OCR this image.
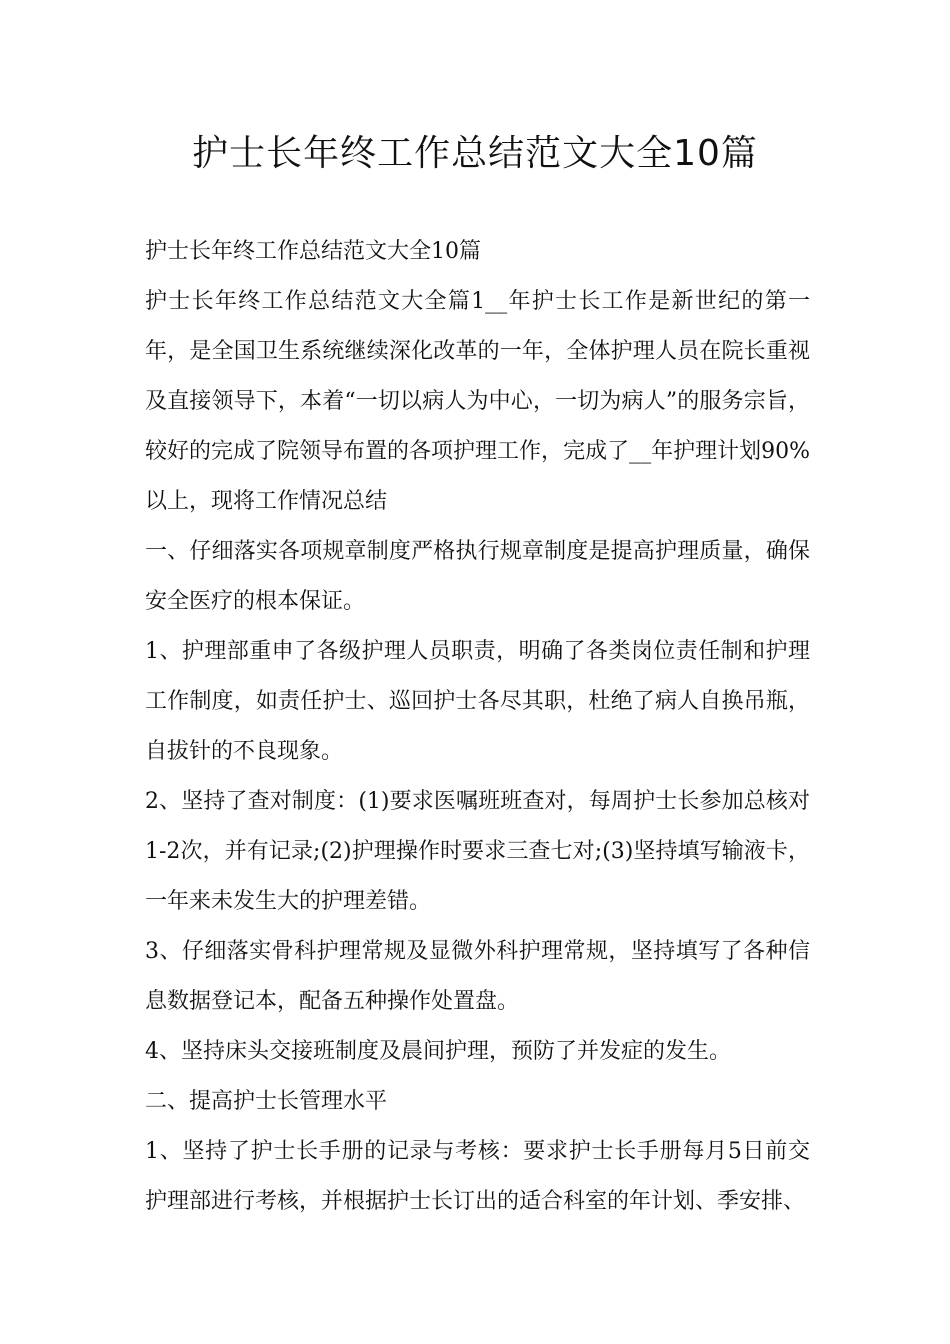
护士长年终工作总结范文大全10篇

护士长年终工作总结范文大全10篇

护士长年终工作总结范文大全篇1__年护士长工作是新世纪的第一年，是全国卫生系统继续深化改革的一年，全体护理人员在院长重视及直接领导下，本着“一切以病人为中心，一切为病人”的服务宗旨，较好的完成了院领导布置的各项护理工作，完成了__年护理计划90%以上，现将工作情况总结

一、仔细落实各项规章制度严格执行规章制度是提高护理质量，确保安全医疗的根本保证。

1、护理部重申了各级护理人员职责，明确了各类岗位责任制和护理工作制度，如责任护士、巡回护士各尽其职，杜绝了病人自换吊瓶，自拔针的不良现象。

2、坚持了查对制度：(1)要求医嘱班班查对，每周护士长参加总核对1-2次，并有记录;(2)护理操作时要求三查七对;(3)坚持填写输液卡，一年来未发生大的护理差错。

3、仔细落实骨科护理常规及显微外科护理常规，坚持填写了各种信息数据登记本，配备五种操作处置盘。

4、坚持床头交接班制度及晨间护理，预防了并发症的发生。

二、提高护士长管理水平

1、坚持了护士长手册的记录与考核：要求护士长手册每月5日前交护理部进行考核，并根据护士长订出的适合科室的年计划、季安排、
